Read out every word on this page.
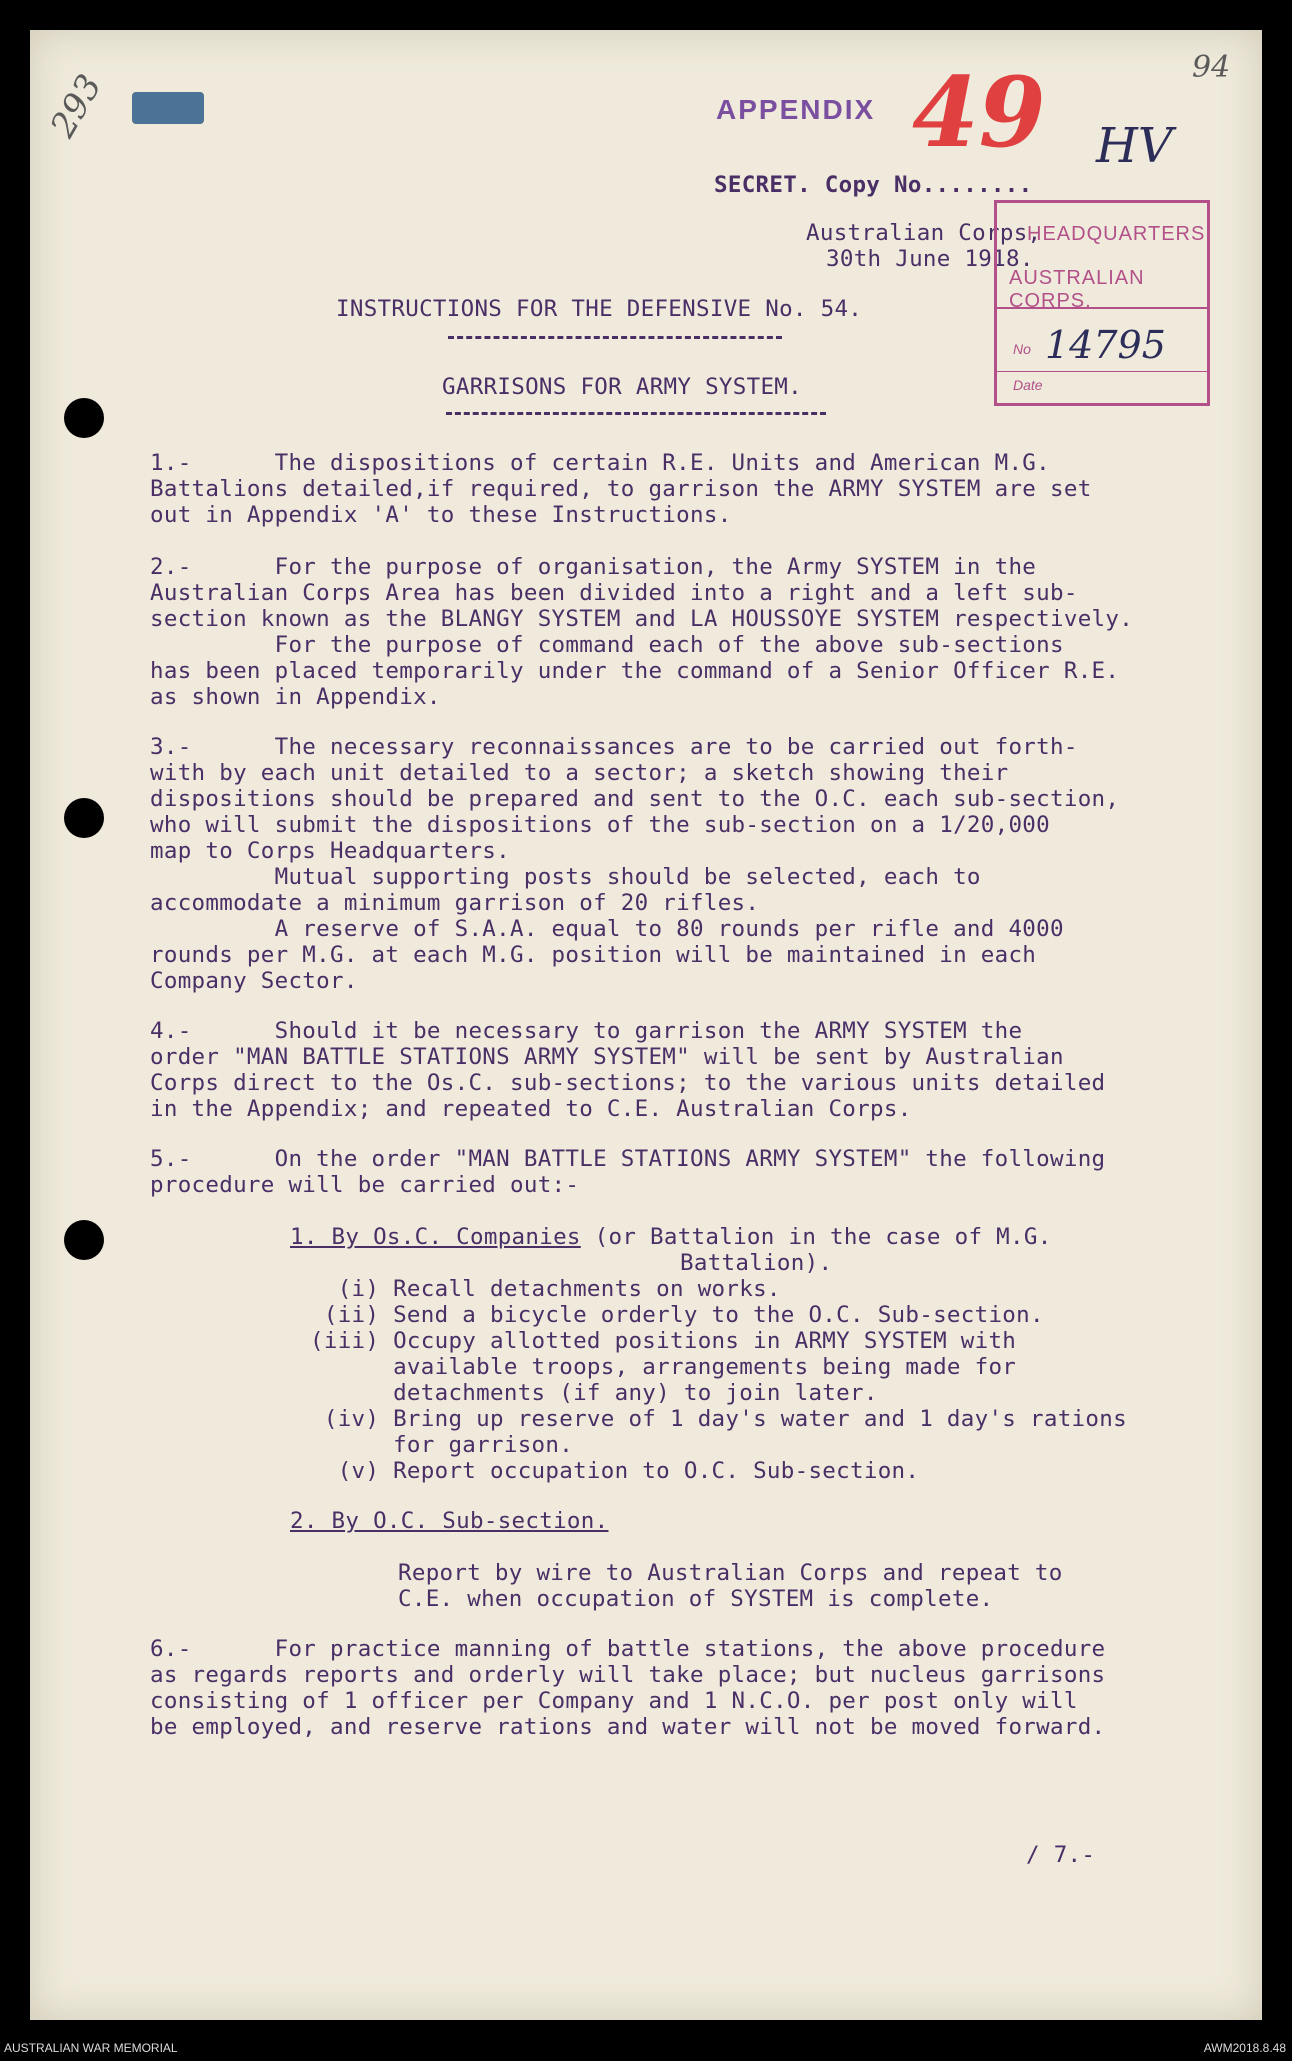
293
94
APPENDIX 49 HV
SECRET. Copy No........
Australian Corps,
30th June 1918.
HEADQUARTERS,
AUSTRALIAN CORPS.
No 14795
Date
INSTRUCTIONS FOR THE DEFENSIVE No. 54.
GARRISONS FOR ARMY SYSTEM.
1.-      The dispositions of certain R.E. Units and American M.G.
Battalions detailed,if required, to garrison the ARMY SYSTEM are set
out in Appendix 'A' to these Instructions.
2.-      For the purpose of organisation, the Army SYSTEM in the
Australian Corps Area has been divided into a right and a left sub-
section known as the BLANGY SYSTEM and LA HOUSSOYE SYSTEM respectively.
For the purpose of command each of the above sub-sections
has been placed temporarily under the command of a Senior Officer R.E.
as shown in Appendix.
3.-      The necessary reconnaissances are to be carried out forth-
with by each unit detailed to a sector; a sketch showing their
dispositions should be prepared and sent to the O.C. each sub-section,
who will submit the dispositions of the sub-section on a 1/20,000
map to Corps Headquarters.
Mutual supporting posts should be selected, each to
accommodate a minimum garrison of 20 rifles.
A reserve of S.A.A. equal to 80 rounds per rifle and 4000
rounds per M.G. at each M.G. position will be maintained in each
Company Sector.
4.-      Should it be necessary to garrison the ARMY SYSTEM the
order "MAN BATTLE STATIONS ARMY SYSTEM" will be sent by Australian
Corps direct to the Os.C. sub-sections; to the various units detailed
in the Appendix; and repeated to C.E. Australian Corps.
5.-      On the order "MAN BATTLE STATIONS ARMY SYSTEM" the following
procedure will be carried out:-
1. By Os.C. Companies (or Battalion in the case of M.G.
Battalion).
(i) Recall detachments on works.
(ii) Send a bicycle orderly to the O.C. Sub-section.
(iii) Occupy allotted positions in ARMY SYSTEM with
available troops, arrangements being made for
detachments (if any) to join later.
(iv) Bring up reserve of 1 day's water and 1 day's rations
for garrison.
(v) Report occupation to O.C. Sub-section.
2. By O.C. Sub-section.
Report by wire to Australian Corps and repeat to
C.E. when occupation of SYSTEM is complete.
6.-      For practice manning of battle stations, the above procedure
as regards reports and orderly will take place; but nucleus garrisons
consisting of 1 officer per Company and 1 N.C.O. per post only will
be employed, and reserve rations and water will not be moved forward.
/ 7.-
AUSTRALIAN WAR MEMORIAL	AWM2018.8.48
